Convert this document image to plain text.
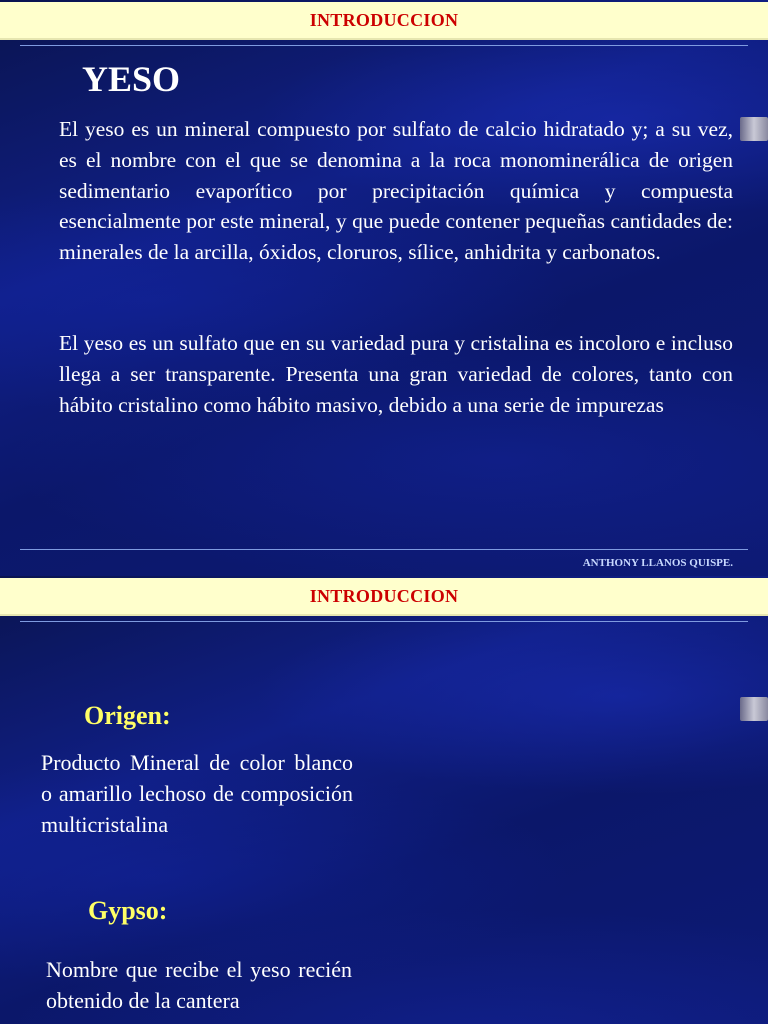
INTRODUCCION
YESO

El yeso es un mineral compuesto por sulfato de calcio hidratado y; a su vez, es el nombre con el que se denomina a la roca monominerálica de origen sedimentario evaporítico por precipitación química y compuesta esencialmente por este mineral, y que puede contener pequeñas cantidades de: minerales de la arcilla, óxidos, cloruros, sílice, anhidrita y carbonatos.

El yeso es un sulfato que en su variedad pura y cristalina es incoloro e incluso llega a ser transparente. Presenta una gran variedad de colores, tanto con hábito cristalino como hábito masivo, debido a una serie de impurezas

ANTHONY LLANOS QUISPE.
INTRODUCCION
Origen:

Producto Mineral de color blanco o amarillo lechoso de composición multicristalina

Gypso:

Nombre que recibe el yeso recién obtenido de la cantera
